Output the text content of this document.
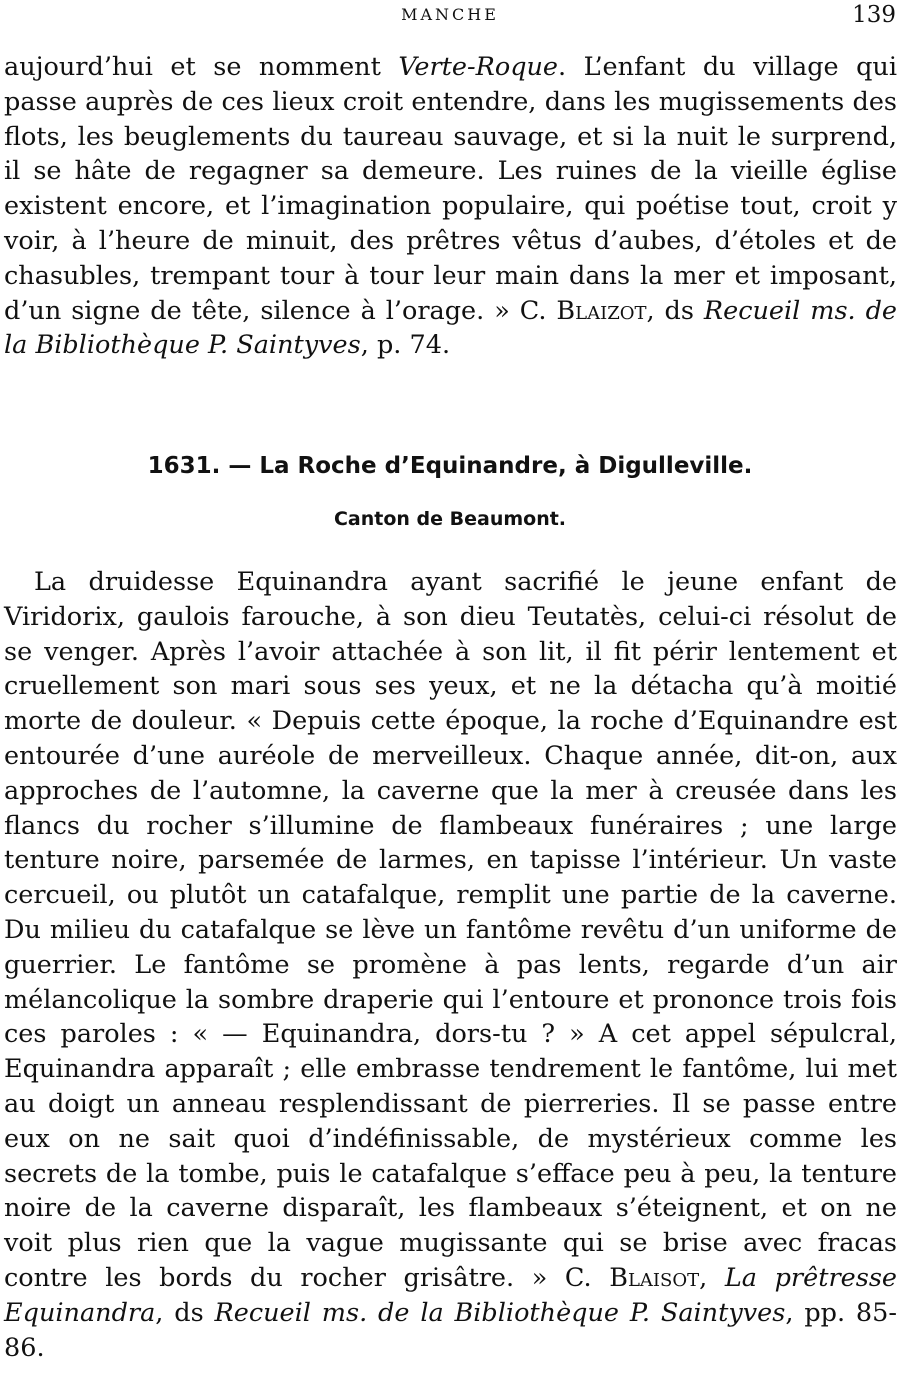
MANCHE	139

aujourd’hui et se nomment Verte-Roque. L’enfant du village qui passe auprès de ces lieux croit entendre, dans les mugissements des flots, les beuglements du taureau sauvage, et si la nuit le surprend, il se hâte de regagner sa demeure. Les ruines de la vieille église existent encore, et l’imagination populaire, qui poétise tout, croit y voir, à l’heure de minuit, des prêtres vêtus d’aubes, d’étoles et de chasubles, trempant tour à tour leur main dans la mer et imposant, d’un signe de tête, silence à l’orage. » C. Blaizot, ds Recueil ms. de la Bibliothèque P. Saintyves, p. 74.

1631. — La Roche d’Equinandre, à Digulleville.
Canton de Beaumont.

La druidesse Equinandra ayant sacrifié le jeune enfant de Viridorix, gaulois farouche, à son dieu Teutatès, celui-ci résolut de se venger. Après l’avoir attachée à son lit, il fit périr lentement et cruellement son mari sous ses yeux, et ne la détacha qu’à moitié morte de douleur. « Depuis cette époque, la roche d’Equinandre est entourée d’une auréole de merveilleux. Chaque année, dit-on, aux approches de l’automne, la caverne que la mer à creusée dans les flancs du rocher s’illumine de flambeaux funéraires ; une large tenture noire, parsemée de larmes, en tapisse l’intérieur. Un vaste cercueil, ou plutôt un catafalque, remplit une partie de la caverne. Du milieu du catafalque se lève un fantôme revêtu d’un uniforme de guerrier. Le fantôme se promène à pas lents, regarde d’un air mélancolique la sombre draperie qui l’entoure et prononce trois fois ces paroles : « — Equinandra, dors-tu ? » A cet appel sépulcral, Equinandra apparaît ; elle embrasse tendrement le fantôme, lui met au doigt un anneau resplendissant de pierreries. Il se passe entre eux on ne sait quoi d’indéfinissable, de mystérieux comme les secrets de la tombe, puis le catafalque s’efface peu à peu, la tenture noire de la caverne disparaît, les flambeaux s’éteignent, et on ne voit plus rien que la vague mugissante qui se brise avec fracas contre les bords du rocher grisâtre. » C. Blaisot, La prêtresse Equinandra, ds Recueil ms. de la Bibliothèque P. Saintyves, pp. 85-86.
